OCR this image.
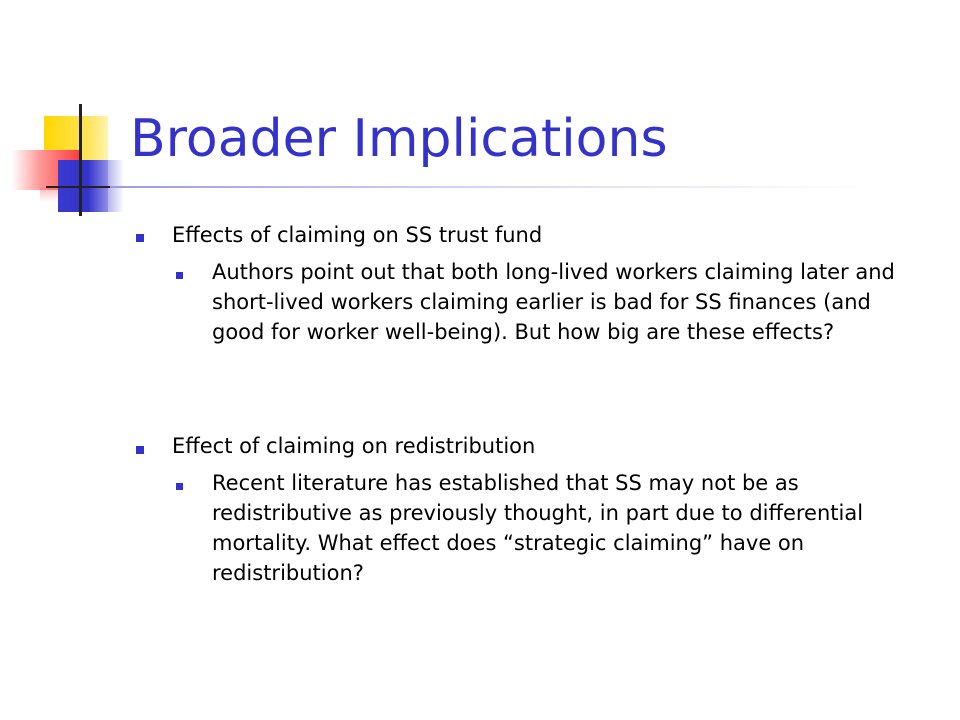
Broader Implications

Effects of claiming on SS trust fund

Authors point out that both long-lived workers claiming later and short-lived workers claiming earlier is bad for SS finances (and good for worker well-being). But how big are these effects?

Effect of claiming on redistribution

Recent literature has established that SS may not be as redistributive as previously thought, in part due to differential mortality. What effect does “strategic claiming” have on redistribution?
